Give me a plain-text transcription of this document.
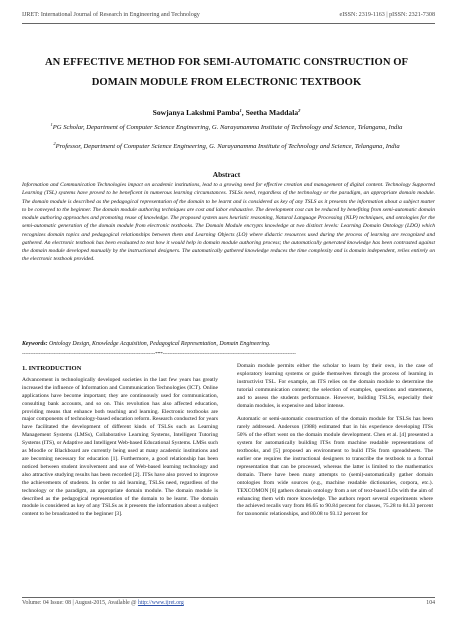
IJRET: International Journal of Research in Engineering and Technology	eISSN: 2319-1163 | pISSN: 2321-7308
AN EFFECTIVE METHOD FOR SEMI-AUTOMATIC CONSTRUCTION OF DOMAIN MODULE FROM ELECTRONIC TEXTBOOK
Sowjanya Lakshmi Pamba$^1$, Seetha Maddala$^2$
$^1$PG Scholar, Department of Computer Science Engineering, G. Narayanamma Institute of Technology and Science, Telangana, India
$^2$Professor, Department of Computer Science Engineering, G. Narayanamma Institute of Technology and Science, Telangana, India
Abstract

Information and Communication Technologies impact on academic institutions, lead to a growing need for effective creation and management of digital content. Technology Supported Learning (TSL) systems have proved to be beneficent in numerous learning circumstances. TSLSs need, regardless of the technology or the paradigm, an appropriate domain module. The domain module is described as the pedagogical representation of the domain to be learnt and is considered as key of any TSLS as it presents the information about a subject matter to be conveyed to the beginner. The domain module authoring techniques are cost and labor exhaustive. The development cost can be reduced by benefiting from semi-automatic domain module authoring approaches and promoting reuse of knowledge. The proposed system uses heuristic reasoning, Natural Language Processing (NLP) techniques, and ontologies for the semi-automatic generation of the domain module from electronic textbooks. The Domain Module encrypts knowledge at two distinct levels: Learning Domain Ontology (LDO) which recognizes domain topics and pedagogical relationships between them and Learning Objects (LO) where didactic resources used during the process of learning are recognized and gathered. An electronic textbook has been evaluated to test how it would help in domain module authoring process; the automatically generated knowledge has been contrasted against the domain module developed manually by the instructional designers. The automatically gathered knowledge reduces the time complexity and is domain independent, relies entirely on the electronic textbook provided.

Keywords: Ontology Design, Knowledge Acquisition, Pedagogical Representation, Domain Engineering.

--------------------------------------------------------------------------------***--------------------------------------------------------------------------------
1. INTRODUCTION

Advancement in technologically developed societies in the last few years has greatly increased the influence of Information and Communication Technologies (ICT). Online applications have become important; they are continuously used for communication, consulting bank accounts, and so on. This revolution has also affected education, providing means that enhance both teaching and learning. Electronic textbooks are major components of technology-based education reform. Research conducted for years have facilitated the development of different kinds of TSLSs such as Learning Management Systems (LMSs), Collaborative Learning Systems, Intelligent Tutoring Systems (ITS), or Adaptive and Intelligent Web-based Educational Systems. LMSs such as Moodle or Blackboard are currently being used at many academic institutions and are becoming necessary for education [1]. Furthermore, a good relationship has been noticed between student involvement and use of Web-based learning technology and also attractive studying results has been recorded [2]. ITSs have also proved to improve the achievements of students. In order to aid learning, TSLSs need, regardless of the technology or the paradigm, an appropriate domain module. The domain module is described as the pedagogical representation of the domain to be learnt. The domain module is considered as key of any TSLSs as it presents the information about a subject content to be broadcasted to the beginner [3].

Domain module permits either the scholar to learn by their own, in the case of exploratory learning systems or guide themselves through the process of learning in instructivist TSL. For example, an ITS relies on the domain module to determine the tutorial communication content; the selection of examples, questions and statements, and to assess the students performance. However, building TSLSs, especially their domain modules, is expensive and labor intense.

Automatic or semi-automatic construction of the domain module for TSLSs has been rarely addressed. Anderson (1988) estimated that in his experience developing ITSs 50% of the effort went on the domain module development. Chen et al. [4] presented a system for automatically building ITSs from machine readable representations of textbooks, and [5] proposed an environment to build ITSs from spreadsheets. The earlier one requires the instructional designers to transcribe the textbook to a formal representation that can be processed, whereas the latter is limited to the mathematics domain. There have been many attempts to (semi)-automatically gather domain ontologies from wide sources (e.g., machine readable dictionaries, corpora, etc.). TEXCOMON [6] gathers domain ontology from a set of text-based LOs with the aim of enhancing them with more knowledge. The authors report several experiments where the achieved recalls vary from 86.65 to 90.84 percent for classes, 75.28 to 84.33 percent for taxonomic relationships, and 80.08 to 93.12 percent for

Volume: 04 Issue: 08 | August-2015, Available @ http://www.ijret.org	104
